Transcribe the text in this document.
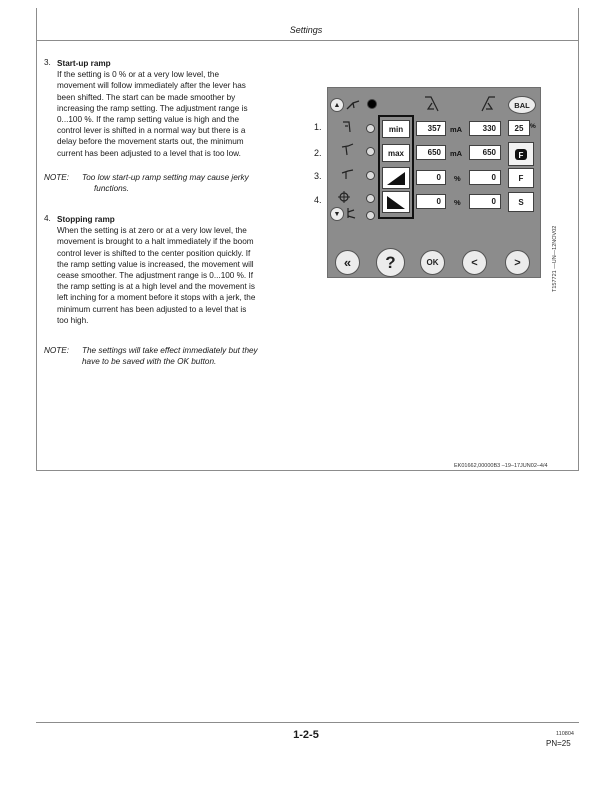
Settings
3. Start-up ramp
If the setting is 0 % or at a very low level, the
movement will follow immediately after the lever has
been shifted. The start can be made smoother by
increasing the ramp setting. The adjustment range is
0...100 %. If the ramp setting value is high and the
control lever is shifted in a normal way but there is a
delay before the movement starts out, the minimum
current has been adjusted to a level that is too low.
NOTE: Too low start-up ramp setting may cause jerky
functions.
4. Stopping ramp
When the setting is at zero or at a very low level, the
movement is brought to a halt immediately if the boom
control lever is shifted to the center position quickly. If
the ramp setting value is increased, the movement will
cease smoother. The adjustment range is 0...100 %. If
the ramp setting is at a high level and the movement is
left inching for a moment before it stops with a jerk, the
minimum current has been adjusted to a level that is
too high.
NOTE: The settings will take effect immediately but they
have to be saved with the OK button.
1.
2.
3.
4.
▲	BAL
min	357	mA	330	25	%
max	650	mA	650	F
0	%	0	F
0	%	0	S
▼
«	?	OK	<	>	T157721 —UN—12NOV02
EK01662,00000B3 –19–17JUN02–4/4
1-2-5	110804
PN=25
